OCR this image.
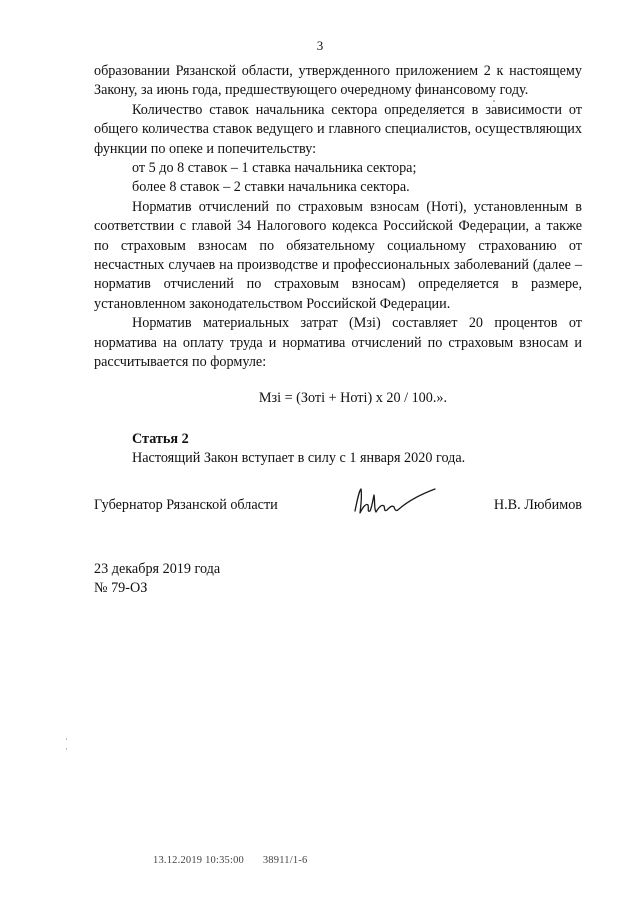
3

образовании Рязанской области, утвержденного приложением 2 к настоящему Закону, за июнь года, предшествующего очередному финансовому году.

Количество ставок начальника сектора определяется в зависимости от общего количества ставок ведущего и главного специалистов, осуществляющих функции по опеке и попечительству:

от 5 до 8 ставок – 1 ставка начальника сектора;

более 8 ставок – 2 ставки начальника сектора.

Норматив отчислений по страховым взносам (Нотi), установленным в соответствии с главой 34 Налогового кодекса Российской Федерации, а также по страховым взносам по обязательному социальному страхованию от несчастных случаев на производстве и профессиональных заболеваний (далее – норматив отчислений по страховым взносам) определяется в размере, установленном законодательством Российской Федерации.

Норматив материальных затрат (Мзi) составляет 20 процентов от норматива на оплату труда и норматива отчислений по страховым взносам и рассчитывается по формуле:

Мзi = (Зотi + Нотi) х 20 / 100.».

Статья 2

Настоящий Закон вступает в силу с 1 января 2020 года.

Губернатор Рязанской области	Н.В. Любимов
23 декабря 2019 года
№ 79-ОЗ
13.12.2019 10:35:00 38911/1-6
